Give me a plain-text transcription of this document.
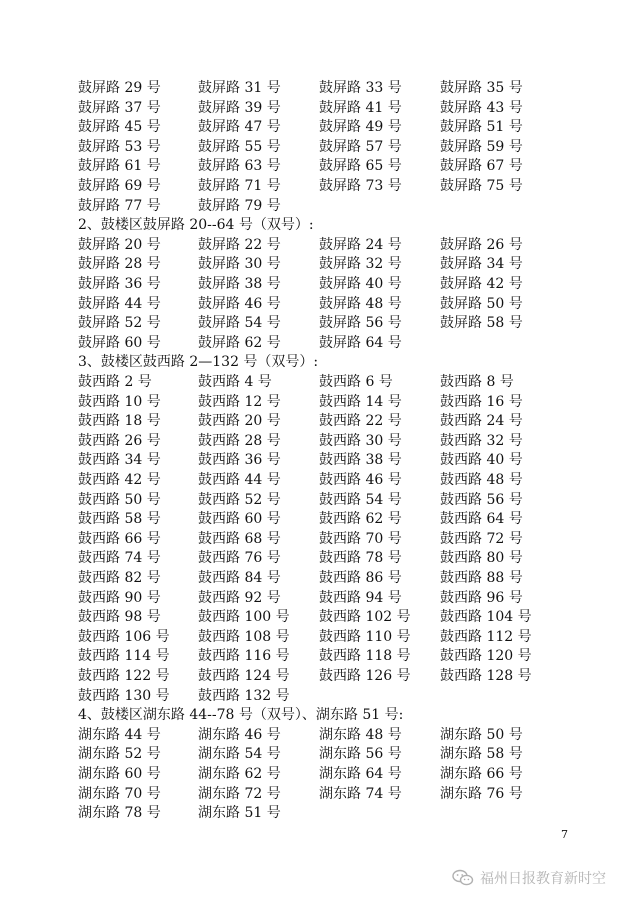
7
福州日报教育新时空
鼓屏路 29 号	鼓屏路 31 号	鼓屏路 33 号	鼓屏路 35 号
鼓屏路 37 号	鼓屏路 39 号	鼓屏路 41 号	鼓屏路 43 号
鼓屏路 45 号	鼓屏路 47 号	鼓屏路 49 号	鼓屏路 51 号
鼓屏路 53 号	鼓屏路 55 号	鼓屏路 57 号	鼓屏路 59 号
鼓屏路 61 号	鼓屏路 63 号	鼓屏路 65 号	鼓屏路 67 号
鼓屏路 69 号	鼓屏路 71 号	鼓屏路 73 号	鼓屏路 75 号
鼓屏路 77 号	鼓屏路 79 号
2、鼓楼区鼓屏路 20--64 号（双号）:
鼓屏路 20 号	鼓屏路 22 号	鼓屏路 24 号	鼓屏路 26 号
鼓屏路 28 号	鼓屏路 30 号	鼓屏路 32 号	鼓屏路 34 号
鼓屏路 36 号	鼓屏路 38 号	鼓屏路 40 号	鼓屏路 42 号
鼓屏路 44 号	鼓屏路 46 号	鼓屏路 48 号	鼓屏路 50 号
鼓屏路 52 号	鼓屏路 54 号	鼓屏路 56 号	鼓屏路 58 号
鼓屏路 60 号	鼓屏路 62 号	鼓屏路 64 号
3、鼓楼区鼓西路 2—132 号（双号）:
鼓西路 2 号	鼓西路 4 号	鼓西路 6 号	鼓西路 8 号
鼓西路 10 号	鼓西路 12 号	鼓西路 14 号	鼓西路 16 号
鼓西路 18 号	鼓西路 20 号	鼓西路 22 号	鼓西路 24 号
鼓西路 26 号	鼓西路 28 号	鼓西路 30 号	鼓西路 32 号
鼓西路 34 号	鼓西路 36 号	鼓西路 38 号	鼓西路 40 号
鼓西路 42 号	鼓西路 44 号	鼓西路 46 号	鼓西路 48 号
鼓西路 50 号	鼓西路 52 号	鼓西路 54 号	鼓西路 56 号
鼓西路 58 号	鼓西路 60 号	鼓西路 62 号	鼓西路 64 号
鼓西路 66 号	鼓西路 68 号	鼓西路 70 号	鼓西路 72 号
鼓西路 74 号	鼓西路 76 号	鼓西路 78 号	鼓西路 80 号
鼓西路 82 号	鼓西路 84 号	鼓西路 86 号	鼓西路 88 号
鼓西路 90 号	鼓西路 92 号	鼓西路 94 号	鼓西路 96 号
鼓西路 98 号	鼓西路 100 号 鼓西路 102 号 鼓西路 104 号
鼓西路 106 号 鼓西路 108 号 鼓西路 110 号 鼓西路 112 号
鼓西路 114 号 鼓西路 116 号 鼓西路 118 号 鼓西路 120 号
鼓西路 122 号 鼓西路 124 号 鼓西路 126 号 鼓西路 128 号
鼓西路 130 号 鼓西路 132 号
4、鼓楼区湖东路 44--78 号（双号）、湖东路 51 号:
湖东路 44 号	湖东路 46 号	湖东路 48 号	湖东路 50 号
湖东路 52 号	湖东路 54 号	湖东路 56 号	湖东路 58 号
湖东路 60 号	湖东路 62 号	湖东路 64 号	湖东路 66 号
湖东路 70 号	湖东路 72 号	湖东路 74 号	湖东路 76 号
湖东路 78 号	湖东路 51 号
